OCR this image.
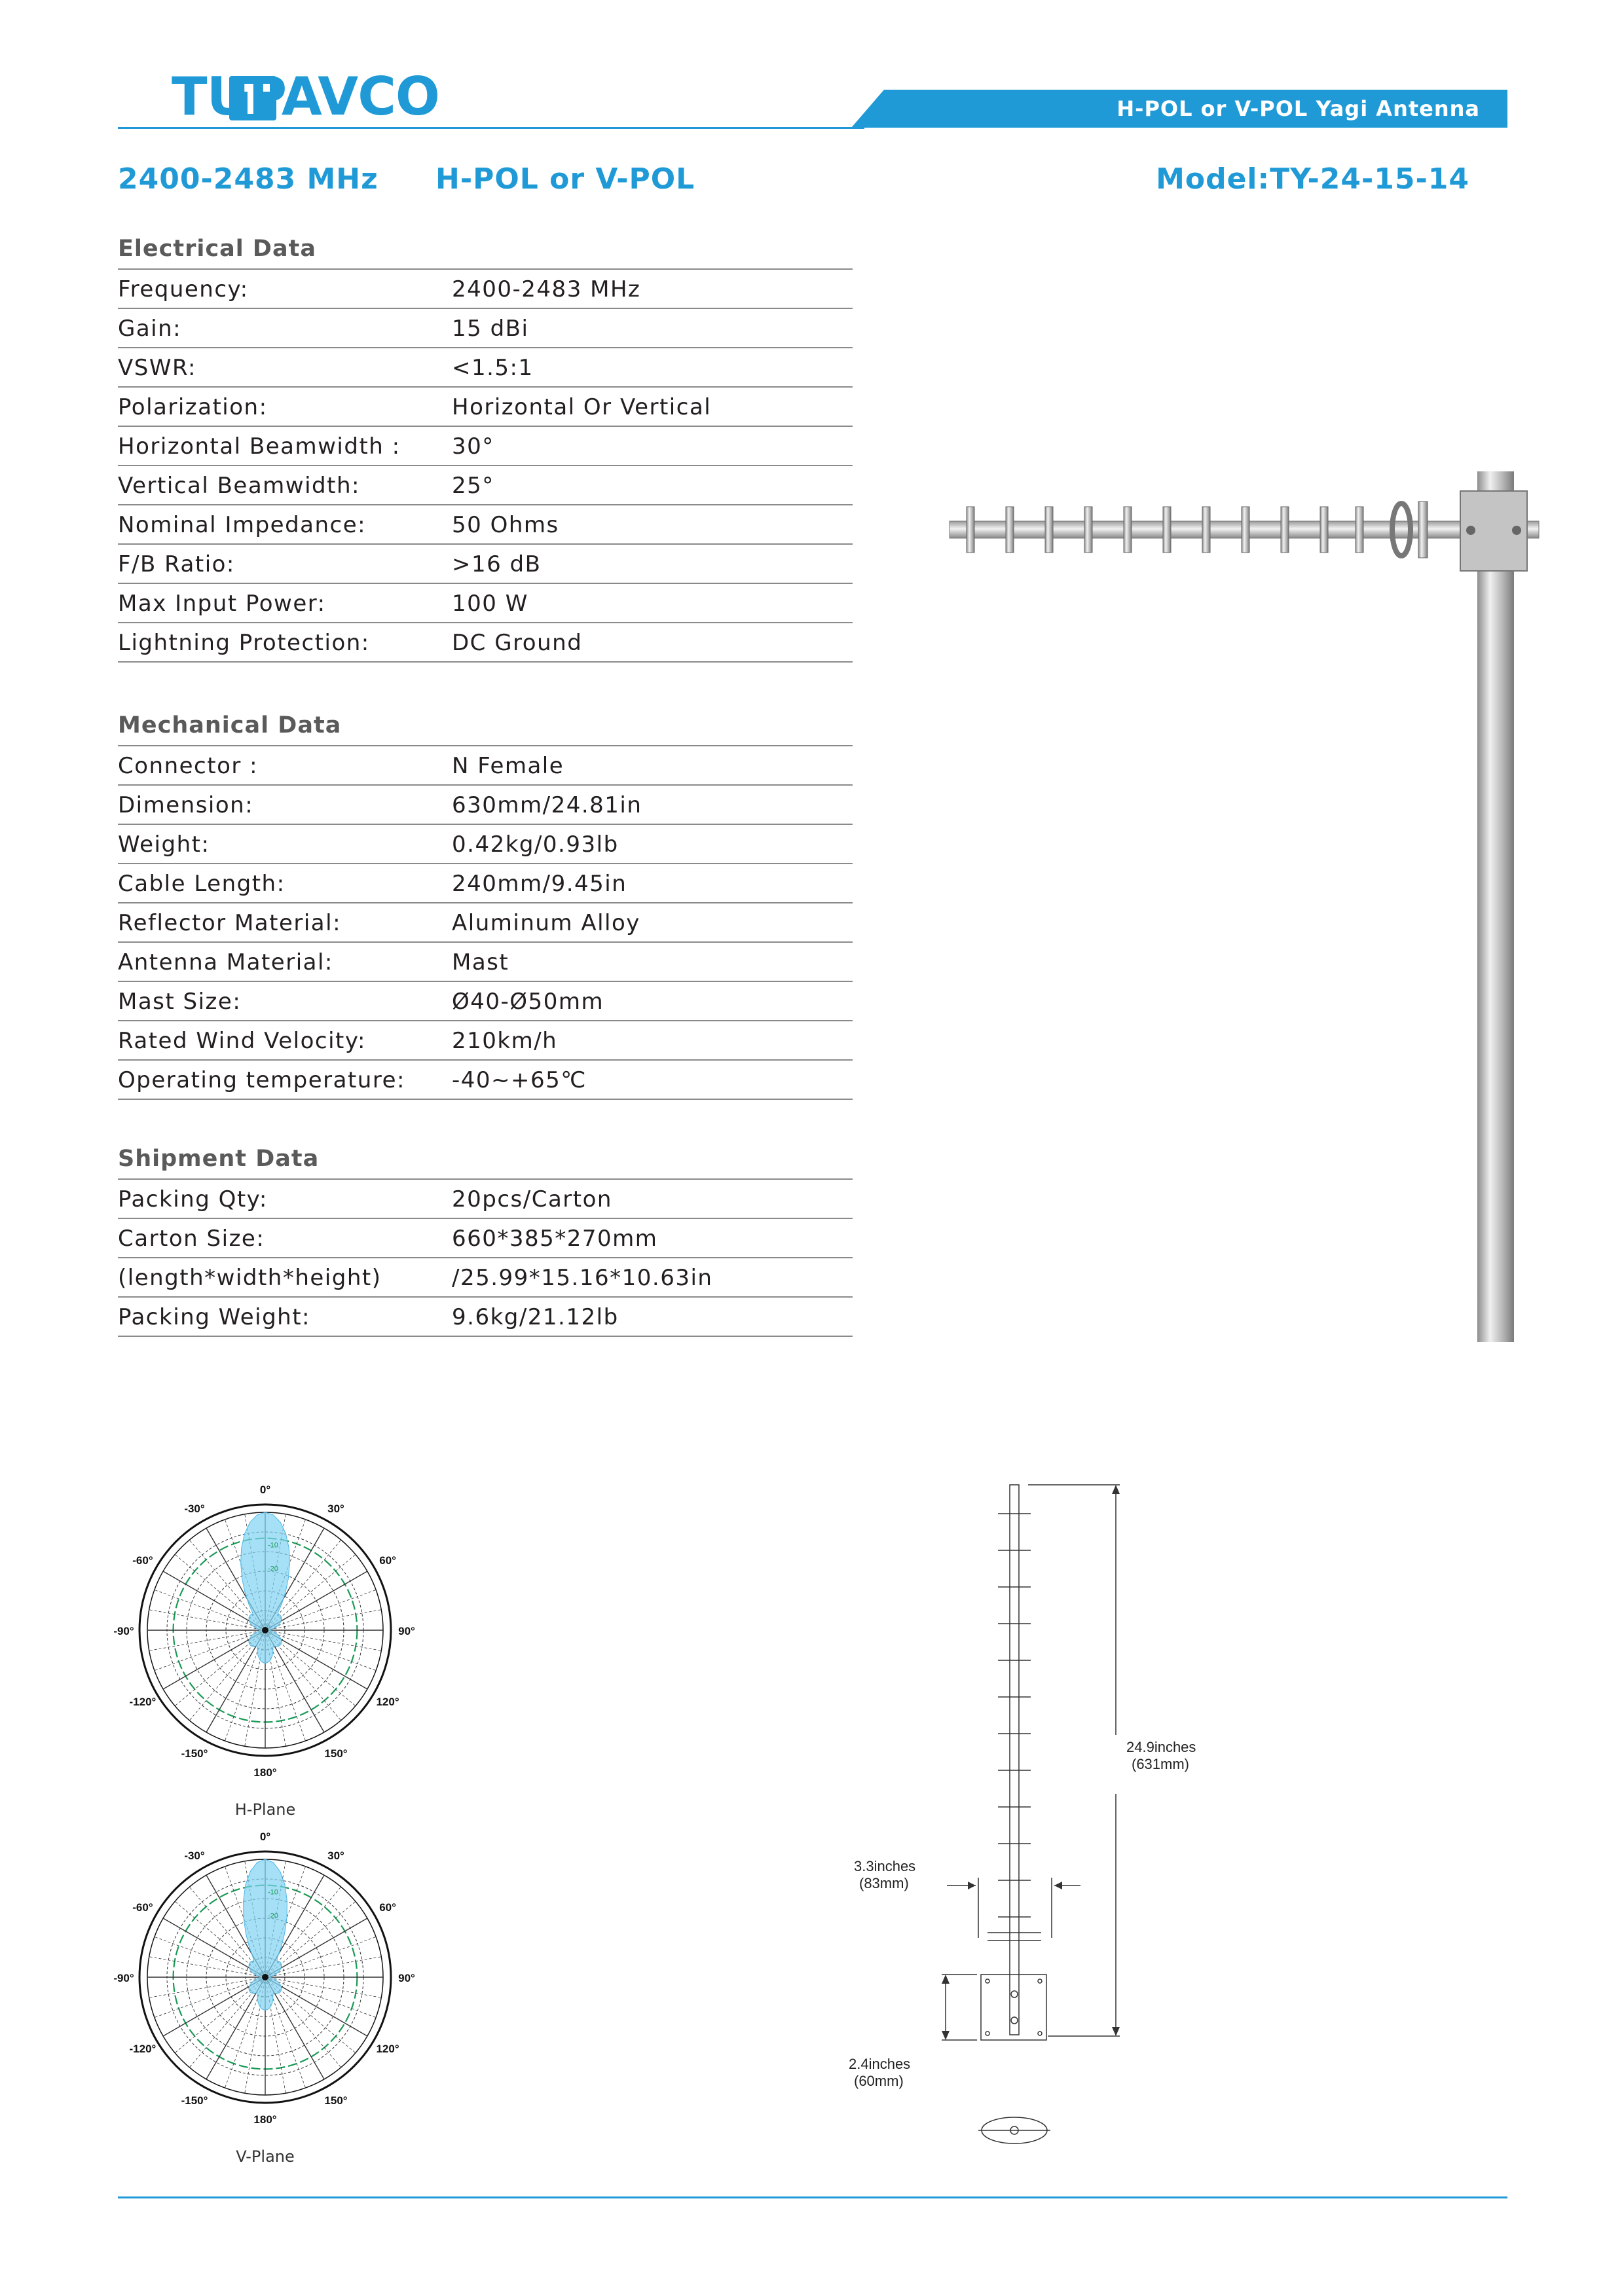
TUPAVCO	H-POL or V-POL Yagi Antenna
2400-2483 MHz H-POL or V-POL	Model:TY-24-15-14
Electrical Data
Frequency:	2400-2483 MHz
Gain:	15 dBi
VSWR:	<1.5:1
Polarization:	Horizontal Or Vertical
Horizontal Beamwidth : 30°
Vertical Beamwidth:	25°
Nominal Impedance:	50 Ohms
F/B Ratio:	>16 dB
Max Input Power:	100 W
Lightning Protection:	DC Ground
Mechanical Data
Connector :	N Female
Dimension:	630mm/24.81in
Weight:	0.42kg/0.93lb
Cable Length:	240mm/9.45in
Reflector Material:	Aluminum Alloy
Antenna Material:	Mast
Mast Size:	Ø40-Ø50mm
Rated Wind Velocity:	210km/h
Operating temperature: -40~+65℃
Shipment Data
Packing Qty:	20pcs/Carton
Carton Size:	660*385*270mm
(length*width*height)	/25.99*15.16*10.63in
Packing Weight:	9.6kg/21.12lb
0°
30°
60°
90°
120°
150°
180°
-150°
-120°
-90°
-60°
-30°
-10
-20
H-Plane
0°
30°
60°
90°
120°
150°
180°
-150°
-120°
-90°
-60°
-30°
-10
-20
V-Plane
24.9inches
(631mm)
3.3inches
(83mm)
2.4inches
(60mm)
